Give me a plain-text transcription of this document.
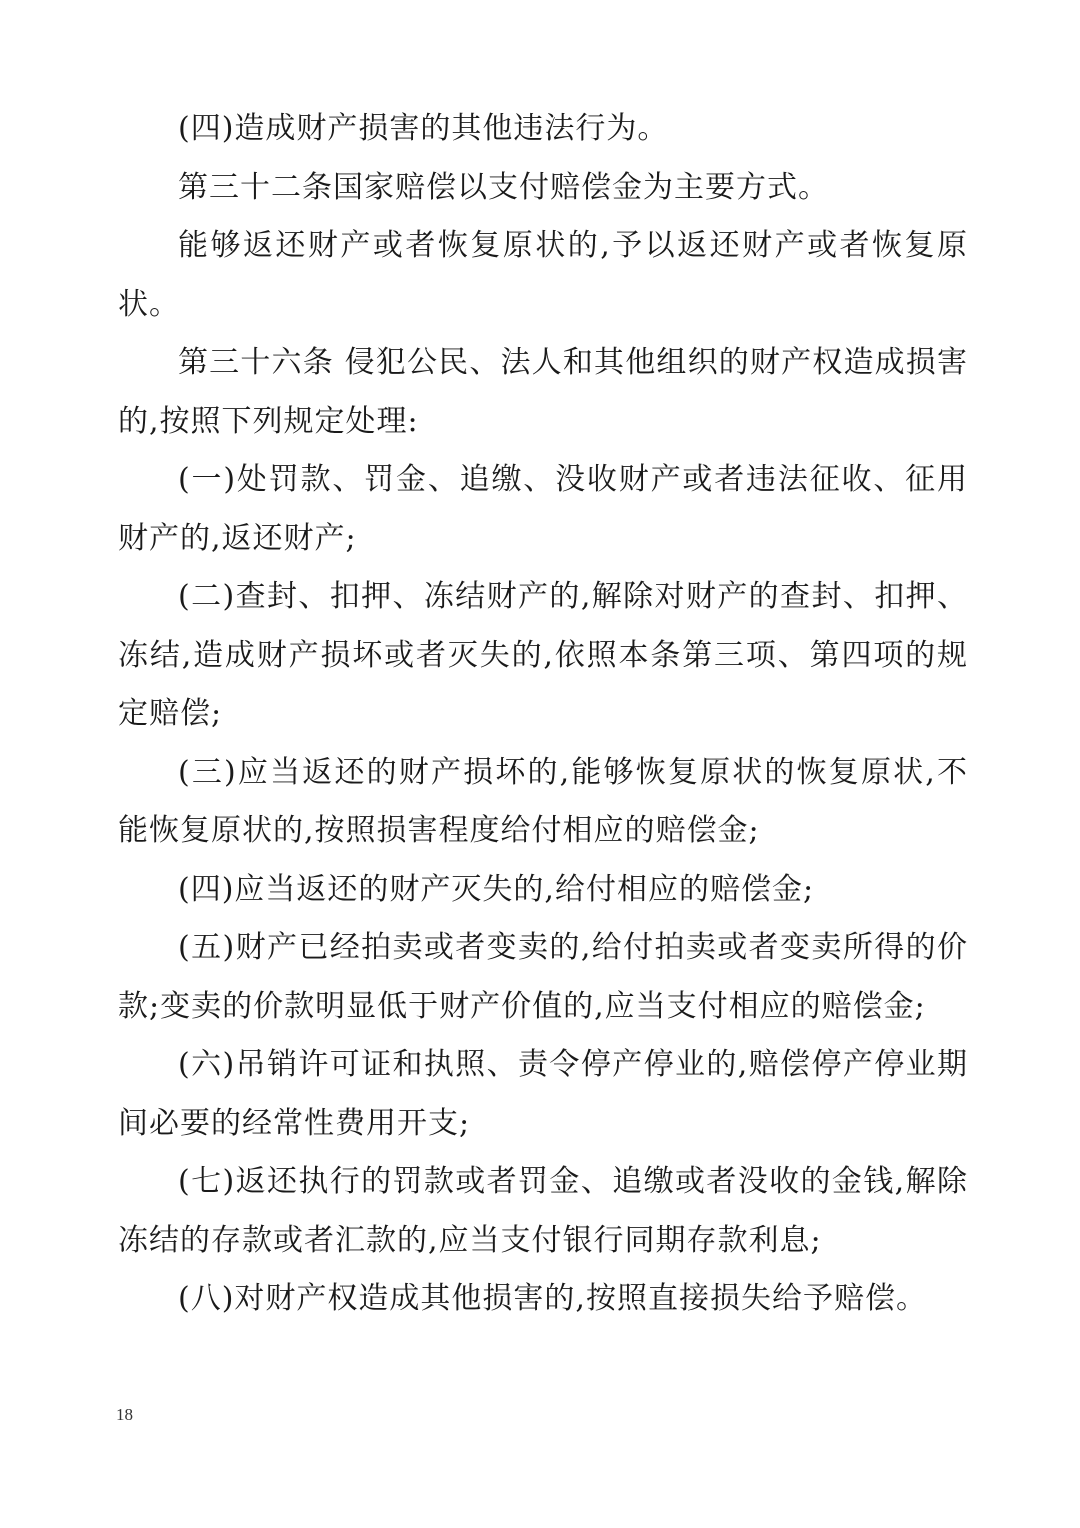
(四)造成财产损害的其他违法行为。

第三十二条国家赔偿以支付赔偿金为主要方式。

能够返还财产或者恢复原状的,予以返还财产或者恢复原状。

第三十六条 侵犯公民、法人和其他组织的财产权造成损害的,按照下列规定处理:

(一)处罚款、罚金、追缴、没收财产或者违法征收、征用财产的,返还财产;

(二)查封、扣押、冻结财产的,解除对财产的查封、扣押、冻结,造成财产损坏或者灭失的,依照本条第三项、第四项的规定赔偿;

(三)应当返还的财产损坏的,能够恢复原状的恢复原状,不能恢复原状的,按照损害程度给付相应的赔偿金;

(四)应当返还的财产灭失的,给付相应的赔偿金;

(五)财产已经拍卖或者变卖的,给付拍卖或者变卖所得的价款;变卖的价款明显低于财产价值的,应当支付相应的赔偿金;

(六)吊销许可证和执照、责令停产停业的,赔偿停产停业期间必要的经常性费用开支;

(七)返还执行的罚款或者罚金、追缴或者没收的金钱,解除冻结的存款或者汇款的,应当支付银行同期存款利息;

(八)对财产权造成其他损害的,按照直接损失给予赔偿。

18
